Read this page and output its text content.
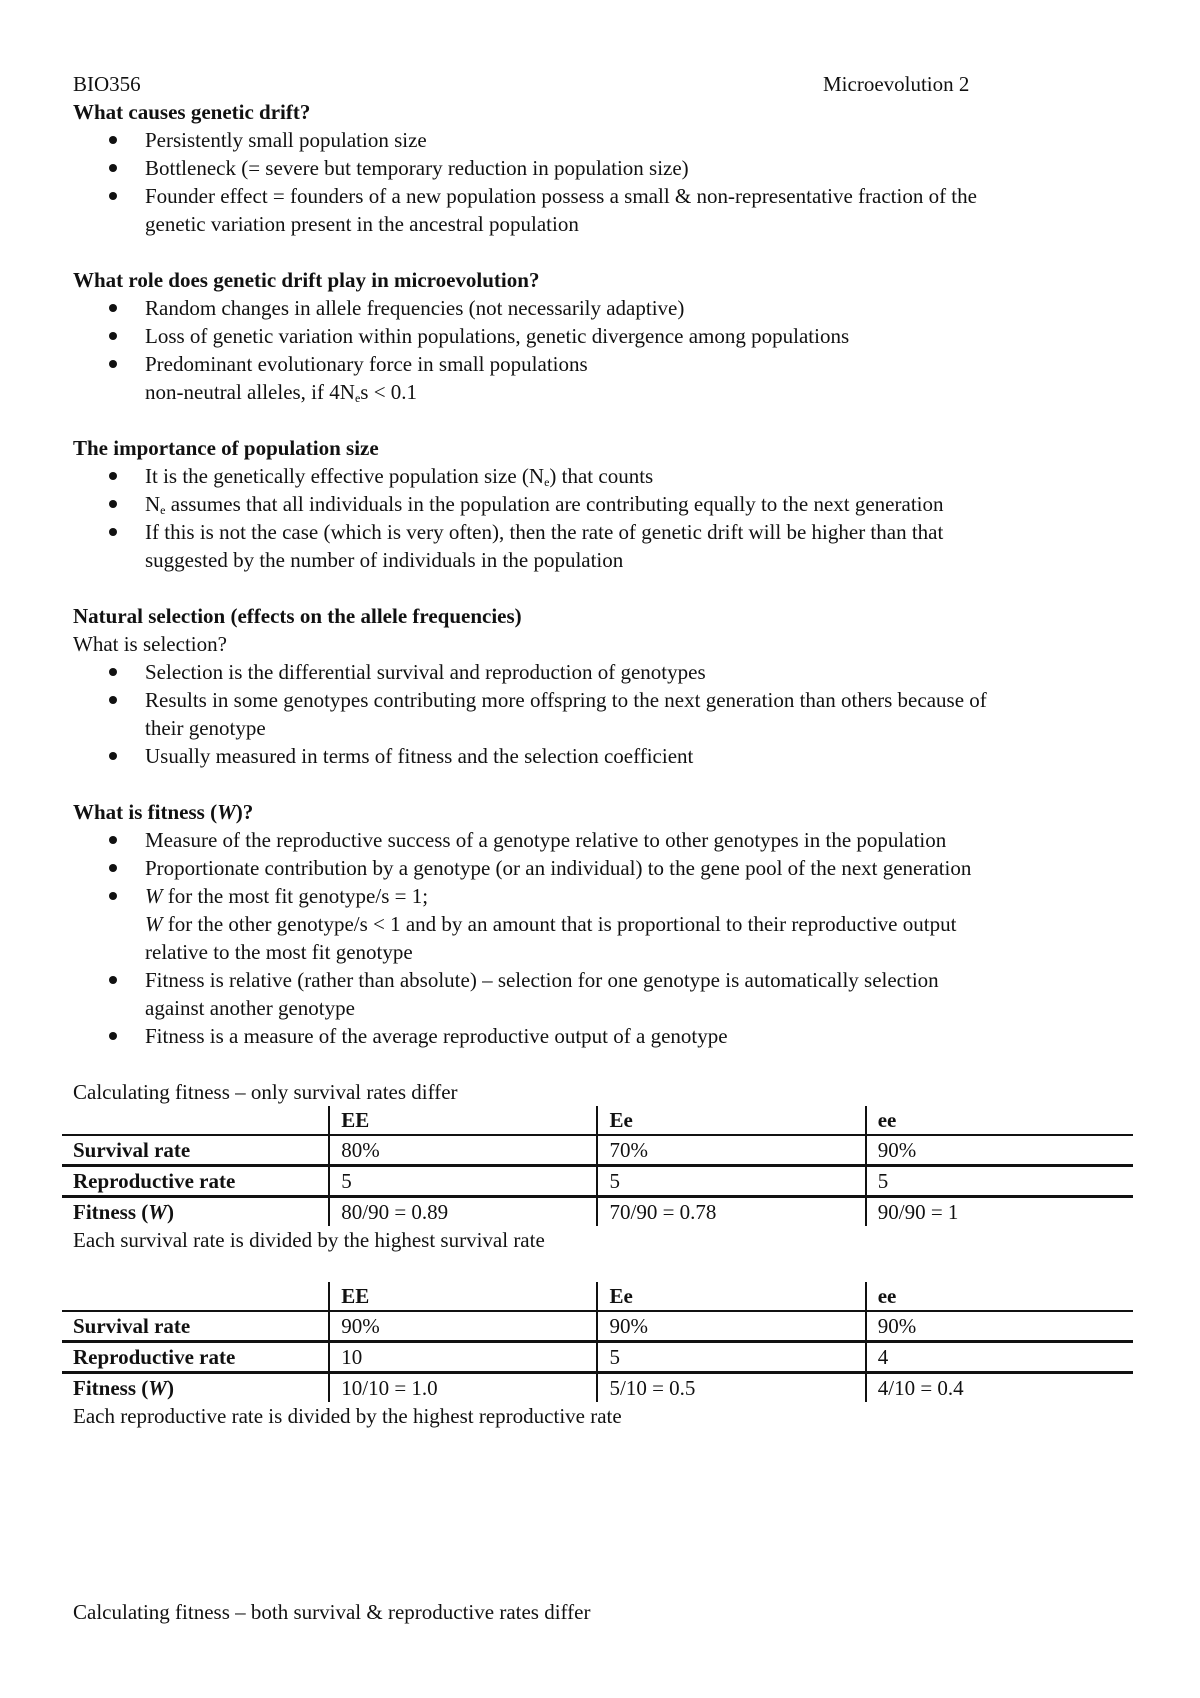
BIO356	Microevolution 2
What causes genetic drift?
Persistently small population size
Bottleneck (= severe but temporary reduction in population size)
Founder effect = founders of a new population possess a small & non-representative fraction of the
genetic variation present in the ancestral population
What role does genetic drift play in microevolution?
Random changes in allele frequencies (not necessarily adaptive)
Loss of genetic variation within populations, genetic divergence among populations
Predominant evolutionary force in small populations
non-neutral alleles, if $4N_es < 0.1$
The importance of population size
It is the genetically effective population size $(N_e)$ that counts
$N_e$ assumes that all individuals in the population are contributing equally to the next generation
If this is not the case (which is very often), then the rate of genetic drift will be higher than that
suggested by the number of individuals in the population
Natural selection (effects on the allele frequencies)
What is selection?
Selection is the differential survival and reproduction of genotypes
Results in some genotypes contributing more offspring to the next generation than others because of
their genotype
Usually measured in terms of fitness and the selection coefficient
What is fitness (W)?
Measure of the reproductive success of a genotype relative to other genotypes in the population
Proportionate contribution by a genotype (or an individual) to the gene pool of the next generation
W for the most fit genotype/s = 1;
W for the other genotype/s < 1 and by an amount that is proportional to their reproductive output
relative to the most fit genotype
Fitness is relative (rather than absolute) – selection for one genotype is automatically selection
against another genotype
Fitness is a measure of the average reproductive output of a genotype
Calculating fitness – only survival rates differ
	EE	Ee	ee
Survival rate	80%	70%	90%
Reproductive rate	5	5	5
Fitness (W)	80/90 = 0.89	70/90 = 0.78	90/90 = 1
Each survival rate is divided by the highest survival rate
	EE	Ee	ee
Survival rate	90%	90%	90%
Reproductive rate	10	5	4
Fitness (W)	10/10 = 1.0	5/10 = 0.5	4/10 = 0.4
Each reproductive rate is divided by the highest reproductive rate
Calculating fitness – both survival & reproductive rates differ
